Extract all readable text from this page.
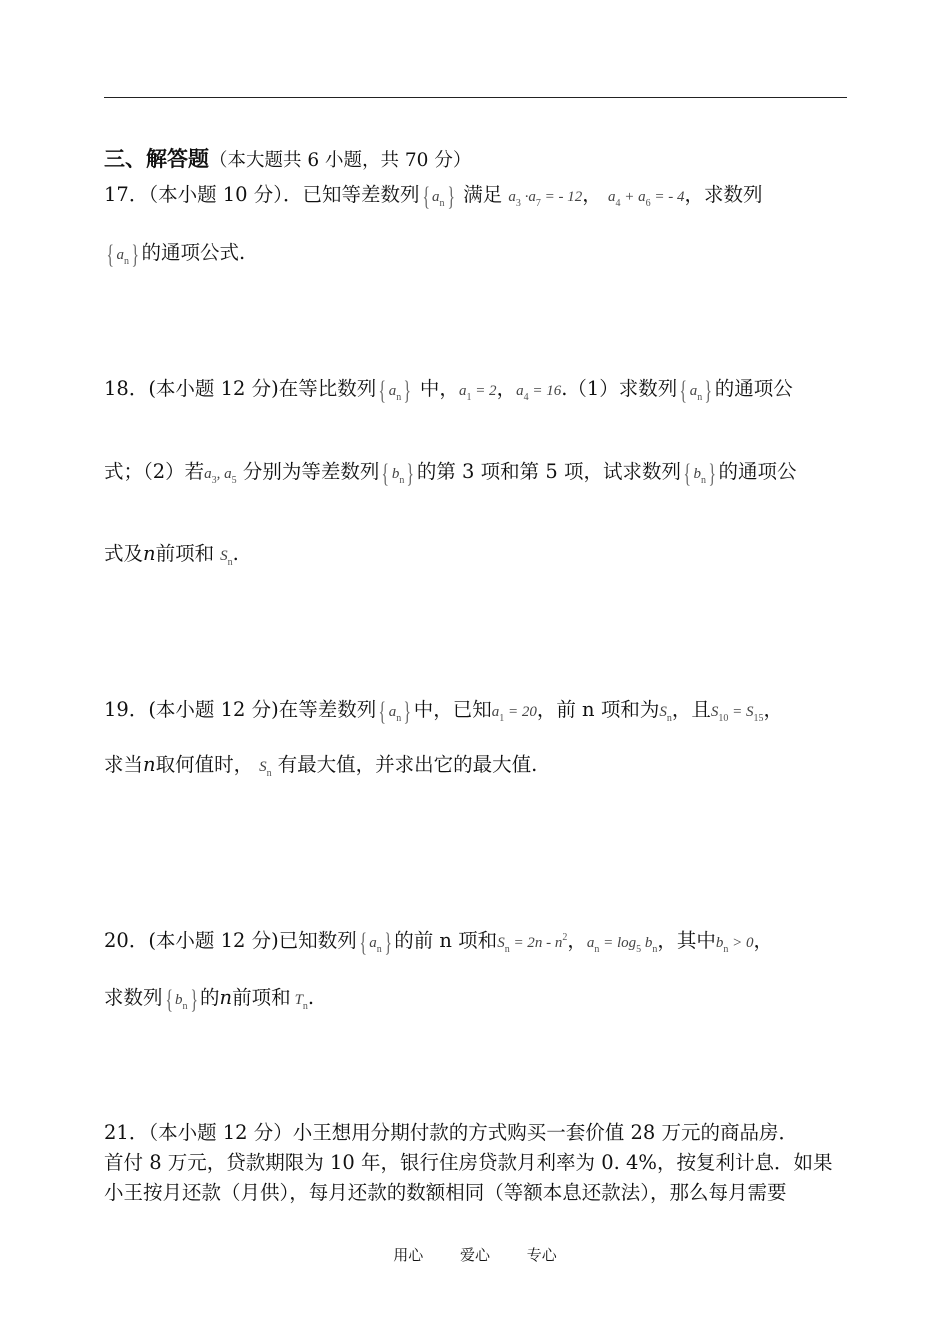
三、解答题（本大题共 6 小题，共 70 分）
17．（本小题 10 分）．已知等差数列{ $a_n$} 满足 $a_3 \cdot a_7$ = - 12， $a_4 + a_6$ = - 4，求数列
{ $a_n$} 的通项公式.
18．(本小题 12 分)在等比数列{ $a_n$} 中，$a_1 = 2$，$a_4 = 16.(1)$求数列{ $a_n$} 的通项公
式；（2）若$a_3$, $a_5$ 分别为等差数列{ $b_n$} 的第 3 项和第 5 项，试求数列{ $b_n$} 的通项公
式及n前项和 $S_n$.
19．(本小题 12 分)在等差数列{ $a_n$} 中，已知$a_1 = 20$，前 n 项和为$S_n$，且$S_{10} = S_{15}$，
求当n取何值时， $S_n$ 有最大值，并求出它的最大值.
20．(本小题 12 分)已知数列{ $a_n$} 的前 n 项和$S_n = 2n - n^2$，$a_n = \log_5 b_n$，其中$b_n > 0$，
求数列{ $b_n$} 的n前项和 $T_n$.
21．（本小题 12 分）小王想用分期付款的方式购买一套价值 28 万元的商品房．
首付 8 万元，贷款期限为 10 年，银行住房贷款月利率为 0. 4%，按复利计息．如果
小王按月还款（月供），每月还款的数额相同（等额本息还款法），那么每月需要
用心 爱心 专心
